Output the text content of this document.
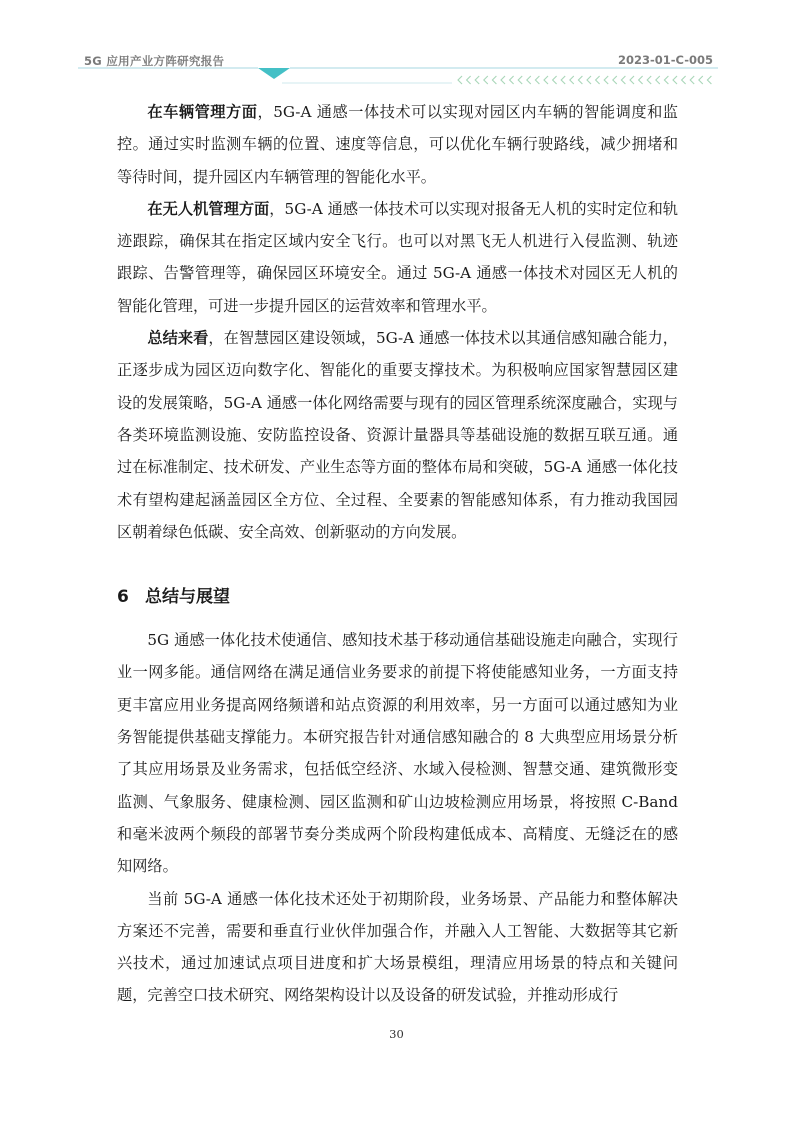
5G 应用产业方阵研究报告	2023-01-C-005

在车辆管理方面，5G-A 通感一体技术可以实现对园区内车辆的智能调度和监控。通过实时监测车辆的位置、速度等信息，可以优化车辆行驶路线，减少拥堵和等待时间，提升园区内车辆管理的智能化水平。

在无人机管理方面，5G-A 通感一体技术可以实现对报备无人机的实时定位和轨迹跟踪，确保其在指定区域内安全飞行。也可以对黑飞无人机进行入侵监测、轨迹跟踪、告警管理等，确保园区环境安全。通过 5G-A 通感一体技术对园区无人机的智能化管理，可进一步提升园区的运营效率和管理水平。

总结来看，在智慧园区建设领域，5G-A 通感一体技术以其通信感知融合能力，正逐步成为园区迈向数字化、智能化的重要支撑技术。为积极响应国家智慧园区建设的发展策略，5G-A 通感一体化网络需要与现有的园区管理系统深度融合，实现与各类环境监测设施、安防监控设备、资源计量器具等基础设施的数据互联互通。通过在标准制定、技术研发、产业生态等方面的整体布局和突破，5G-A 通感一体化技术有望构建起涵盖园区全方位、全过程、全要素的智能感知体系，有力推动我国园区朝着绿色低碳、安全高效、创新驱动的方向发展。

6 总结与展望

5G 通感一体化技术使通信、感知技术基于移动通信基础设施走向融合，实现行业一网多能。通信网络在满足通信业务要求的前提下将使能感知业务，一方面支持更丰富应用业务提高网络频谱和站点资源的利用效率，另一方面可以通过感知为业务智能提供基础支撑能力。本研究报告针对通信感知融合的 8 大典型应用场景分析了其应用场景及业务需求，包括低空经济、水域入侵检测、智慧交通、建筑微形变监测、气象服务、健康检测、园区监测和矿山边坡检测应用场景，将按照 C-Band 和毫米波两个频段的部署节奏分类成两个阶段构建低成本、高精度、无缝泛在的感知网络。

当前 5G-A 通感一体化技术还处于初期阶段，业务场景、产品能力和整体解决方案还不完善，需要和垂直行业伙伴加强合作，并融入人工智能、大数据等其它新兴技术，通过加速试点项目进度和扩大场景模组，理清应用场景的特点和关键问题，完善空口技术研究、网络架构设计以及设备的研发试验，并推动形成行

30
